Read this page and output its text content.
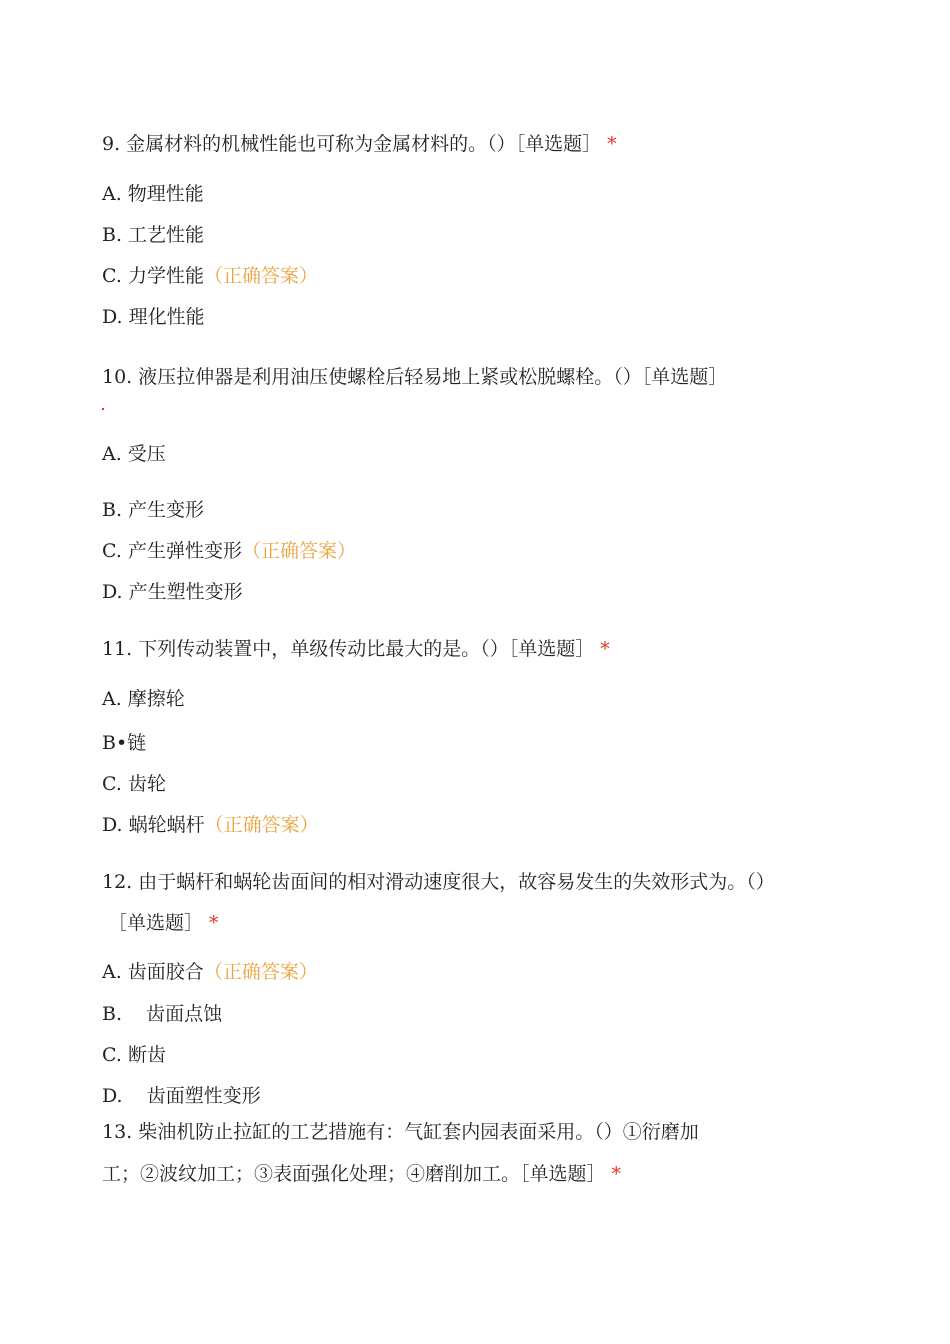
9. 金属材料的机械性能也可称为金属材料的。（）［单选题］ *
A. 物理性能
B. 工艺性能
C. 力学性能（正确答案）
D. 理化性能
10. 液压拉伸器是利用油压使螺栓后轻易地上紧或松脱螺栓。（）［单选题］
A. 受压
B. 产生变形
C. 产生弹性变形（正确答案）
D. 产生塑性变形
11. 下列传动装置中，单级传动比最大的是。（）［单选题］ *
A. 摩擦轮
B•链
C. 齿轮
D. 蜗轮蜗杆（正确答案）
12. 由于蜗杆和蜗轮齿面间的相对滑动速度很大，故容易发生的失效形式为。（）
［单选题］ *
A. 齿面胶合（正确答案）
B.    齿面点蚀
C. 断齿
D.    齿面塑性变形
13. 柴油机防止拉缸的工艺措施有：气缸套内园表面采用。（）①衍磨加
工；②波纹加工；③表面强化处理；④磨削加工。［单选题］ *
